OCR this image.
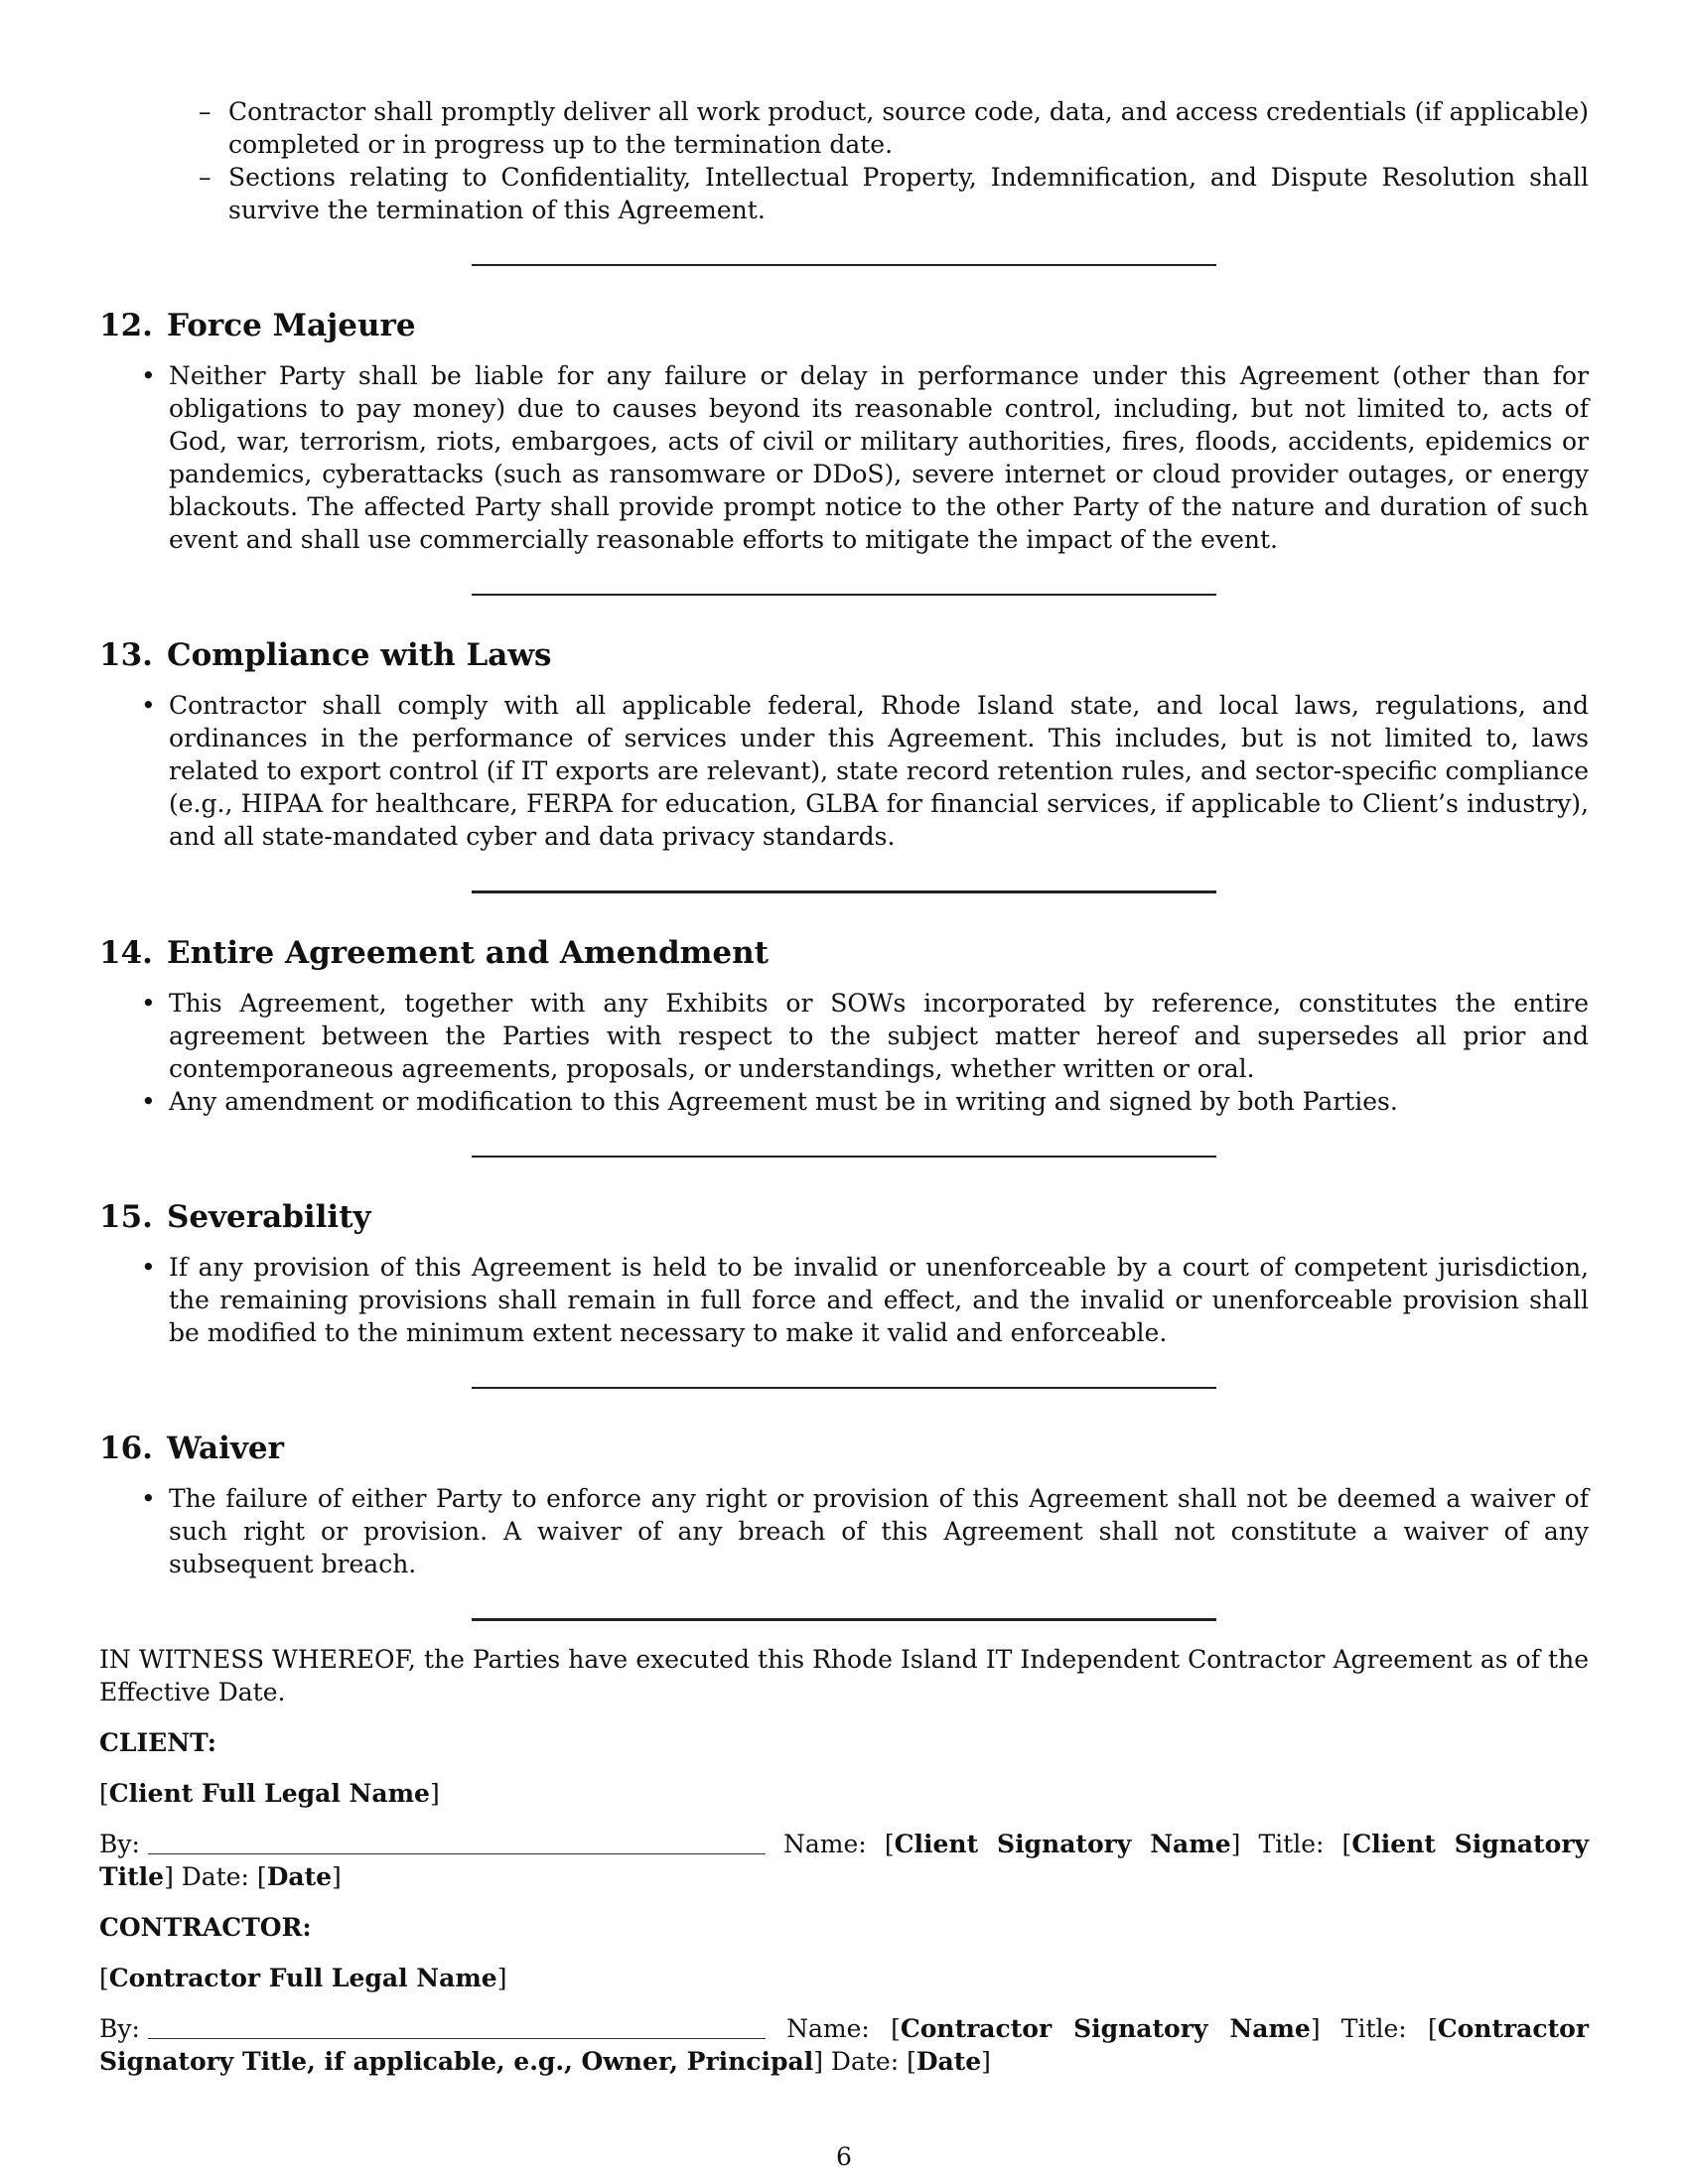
– Contractor shall promptly deliver all work product, source code, data, and access credentials (if applicable) completed or in progress up to the termination date.
– Sections relating to Confidentiality, Intellectual Property, Indemnification, and Dispute Resolution shall survive the termination of this Agreement.
12. Force Majeure
• Neither Party shall be liable for any failure or delay in performance under this Agreement (other than for obligations to pay money) due to causes beyond its reasonable control, including, but not limited to, acts of God, war, terrorism, riots, embargoes, acts of civil or military authorities, fires, floods, accidents, epidemics or pandemics, cyberattacks (such as ransomware or DDoS), severe internet or cloud provider outages, or energy blackouts. The affected Party shall provide prompt notice to the other Party of the nature and duration of such event and shall use commercially reasonable efforts to mitigate the impact of the event.
13. Compliance with Laws
• Contractor shall comply with all applicable federal, Rhode Island state, and local laws, regulations, and ordinances in the performance of services under this Agreement. This includes, but is not limited to, laws related to export control (if IT exports are relevant), state record retention rules, and sector-specific compliance (e.g., HIPAA for healthcare, FERPA for education, GLBA for financial services, if applicable to Client’s industry), and all state-mandated cyber and data privacy standards.
14. Entire Agreement and Amendment
• This Agreement, together with any Exhibits or SOWs incorporated by reference, constitutes the entire agreement between the Parties with respect to the subject matter hereof and supersedes all prior and contemporaneous agreements, proposals, or understandings, whether written or oral.
• Any amendment or modification to this Agreement must be in writing and signed by both Parties.
15. Severability
• If any provision of this Agreement is held to be invalid or unenforceable by a court of competent jurisdiction, the remaining provisions shall remain in full force and effect, and the invalid or unenforceable provision shall be modified to the minimum extent necessary to make it valid and enforceable.
16. Waiver
• The failure of either Party to enforce any right or provision of this Agreement shall not be deemed a waiver of such right or provision. A waiver of any breach of this Agreement shall not constitute a waiver of any subsequent breach.

IN WITNESS WHEREOF, the Parties have executed this Rhode Island IT Independent Contractor Agreement as of the Effective Date.

CLIENT:

[Client Full Legal Name]

By:	Name: [Client Signatory Name] Title: [Client Signatory Title] Date: [Date]

CONTRACTOR:

[Contractor Full Legal Name]

By:	Name: [Contractor Signatory Name] Title: [Contractor Signatory Title, if applicable, e.g., Owner, Principal] Date: [Date]

6
